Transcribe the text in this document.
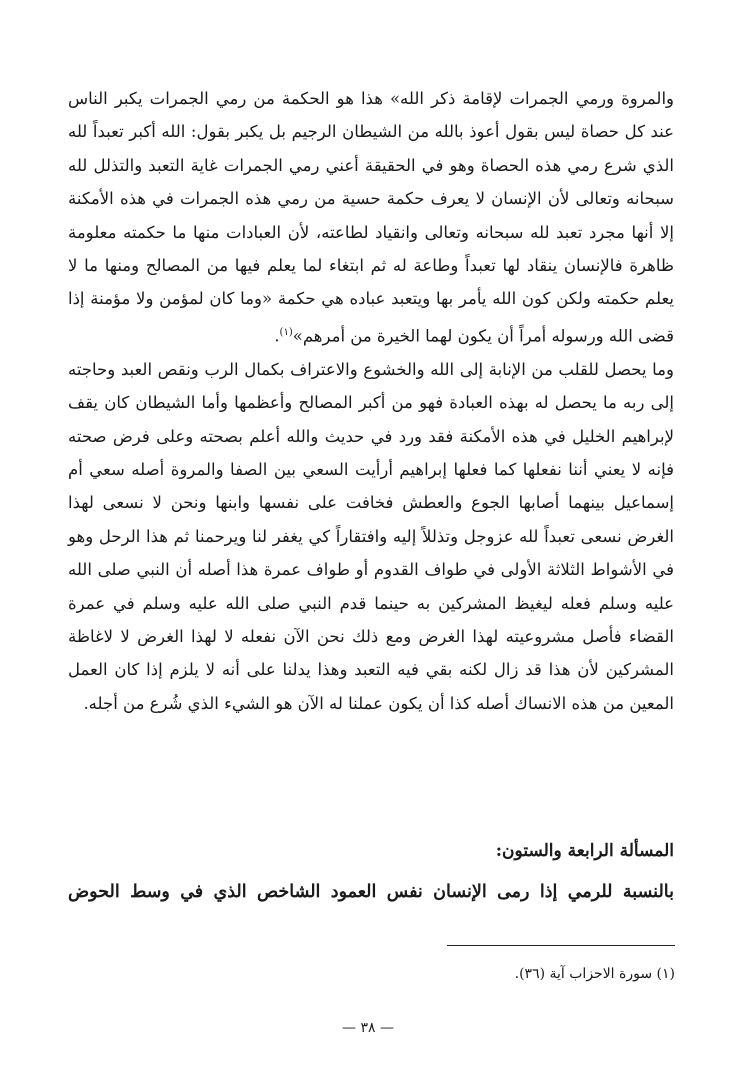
والمروة ورمي الجمرات لإقامة ذكر الله» هذا هو الحكمة من رمي الجمرات يكبر الناس عند كل حصاة ليس بقول أعوذ بالله من الشيطان الرجيم بل يكبر بقول: الله أكبر تعبداً لله الذي شرع رمي هذه الحصاة وهو في الحقيقة أعني رمي الجمرات غاية التعبد والتذلل لله سبحانه وتعالى لأن الإنسان لا يعرف حكمة حسية من رمي هذه الجمرات في هذه الأمكنة إلا أنها مجرد تعبد لله سبحانه وتعالى وانقياد لطاعته، لأن العبادات منها ما حكمته معلومة ظاهرة فالإنسان ينقاد لها تعبداً وطاعة له ثم ابتغاء لما يعلم فيها من المصالح ومنها ما لا يعلم حكمته ولكن كون الله يأمر بها ويتعبد عباده هي حكمة «وما كان لمؤمن ولا مؤمنة إذا قضى الله ورسوله أمراً أن يكون لهما الخيرة من أمرهم»$^{(١)}$.

وما يحصل للقلب من الإنابة إلى الله والخشوع والاعتراف بكمال الرب ونقص العبد وحاجته إلى ربه ما يحصل له بهذه العبادة فهو من أكبر المصالح وأعظمها وأما الشيطان كان يقف لإبراهيم الخليل في هذه الأمكنة فقد ورد في حديث والله أعلم بصحته وعلى فرض صحته فإنه لا يعني أننا نفعلها كما فعلها إبراهيم أرأيت السعي بين الصفا والمروة أصله سعي أم إسماعيل بينهما أصابها الجوع والعطش فخافت على نفسها وابنها ونحن لا نسعى لهذا الغرض نسعى تعبداً لله عزوجل وتذللاً إليه وافتقاراً كي يغفر لنا ويرحمنا ثم هذا الرحل وهو في الأشواط الثلاثة الأولى في طواف القدوم أو طواف عمرة هذا أصله أن النبي صلى الله عليه وسلم فعله ليغيظ المشركين به حينما قدم النبي صلى الله عليه وسلم في عمرة القضاء فأصل مشروعيته لهذا الغرض ومع ذلك نحن الآن نفعله لا لهذا الغرض لا لاغاظة المشركين لأن هذا قد زال لكنه بقي فيه التعبد وهذا يدلنا على أنه لا يلزم إذا كان العمل المعين من هذه الانساك أصله كذا أن يكون عملنا له الآن هو الشيء الذي شُرع من أجله.

المسألة الرابعة والستون:
بالنسبة للرمي إذا رمى الإنسان نفس العمود الشاخص الذي في وسط الحوض

(١) سورة الاحزاب آية (٣٦).

— ٣٨ —
